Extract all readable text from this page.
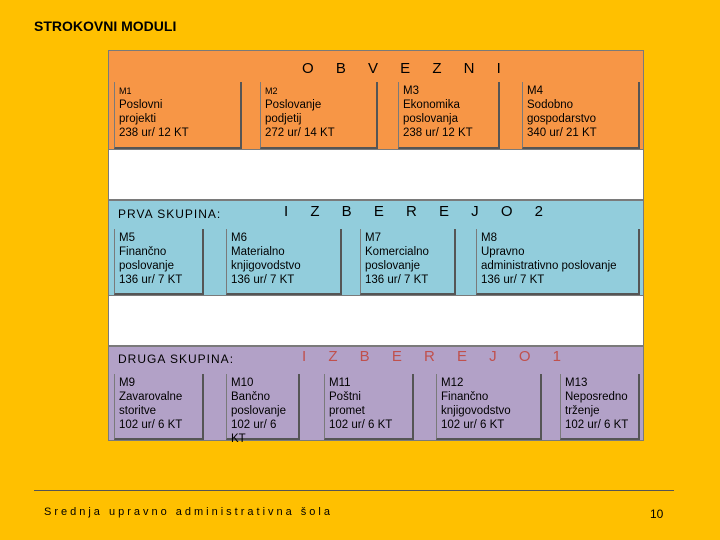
STROKOVNI MODULI
O B V E Z N I
PRVA SKUPINA:	I Z B E R E J O 2
DRUGA SKUPINA:	I Z B E R E J O 1
M1
Poslovni
projekti
238 ur/ 12 KT
M2
Poslovanje
podjetij
272 ur/ 14 KT
M3
Ekonomika
poslovanja
238 ur/ 12 KT
M4
Sodobno
gospodarstvo
340 ur/ 21 KT
M5
Finančno
poslovanje
136 ur/ 7 KT
M6
Materialno
knjigovodstvo
136 ur/ 7 KT
M7
Komercialno
poslovanje
136 ur/ 7 KT
M8
Upravno
administrativno poslovanje
136 ur/ 7 KT
M9
Zavarovalne
storitve
102 ur/ 6 KT
M10
Bančno
poslovanje
102 ur/ 6 KT
M11
Poštni
promet
102 ur/ 6 KT
M12
Finančno
knjigovodstvo
102 ur/ 6 KT
M13
Neposredno
trženje
102 ur/ 6 KT
Srednja upravno administrativna šola	10
